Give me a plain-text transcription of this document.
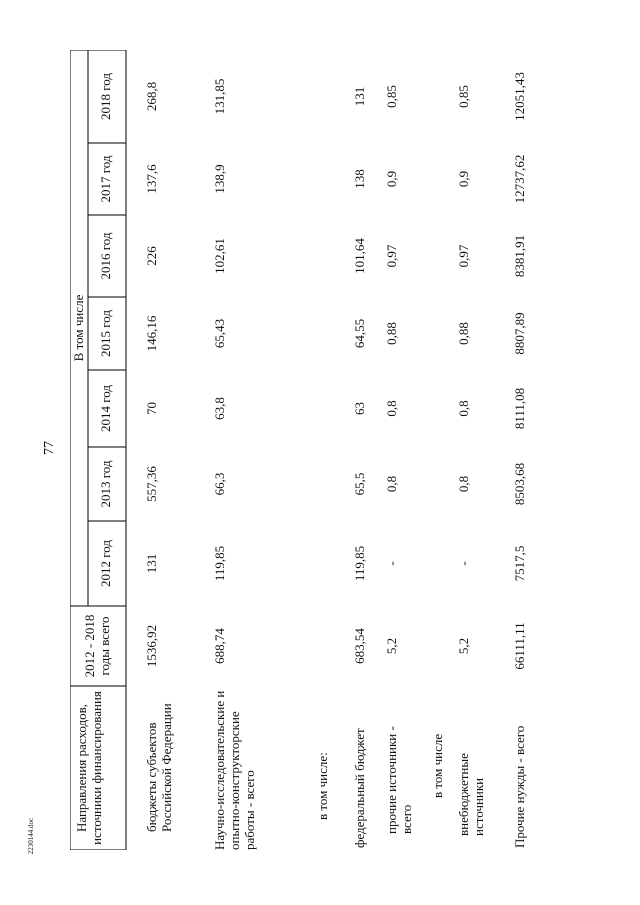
77
2230144.doc
Направления расходов, источники финансирования
2012 - 2018 годы всего
В том числе
2012 год
2013 год
2014 год
2015 год
2016 год
2017 год
2018 год
бюджеты субъектов Российской Федерации
1536,92
131
557,36
70
146,16
226
137,6
268,8
Научно-исследовательские и опытно-конструкторские работы - всего
688,74
119,85
66,3
63,8
65,43
102,61
138,9
131,85
в том числе: федеральный бюджет
683,54
119,85
65,5
63
64,55
101,64
138
131
прочие источники - всего
5,2
-
0,8
0,8
0,88
0,97
0,9
0,85
в том числе внебюджетные источники
5,2
-
0,8
0,8
0,88
0,97
0,9
0,85
Прочие нужды - всего
66111,11
7517,5
8503,68
8111,08
8807,89
8381,91
12737,62
12051,43
